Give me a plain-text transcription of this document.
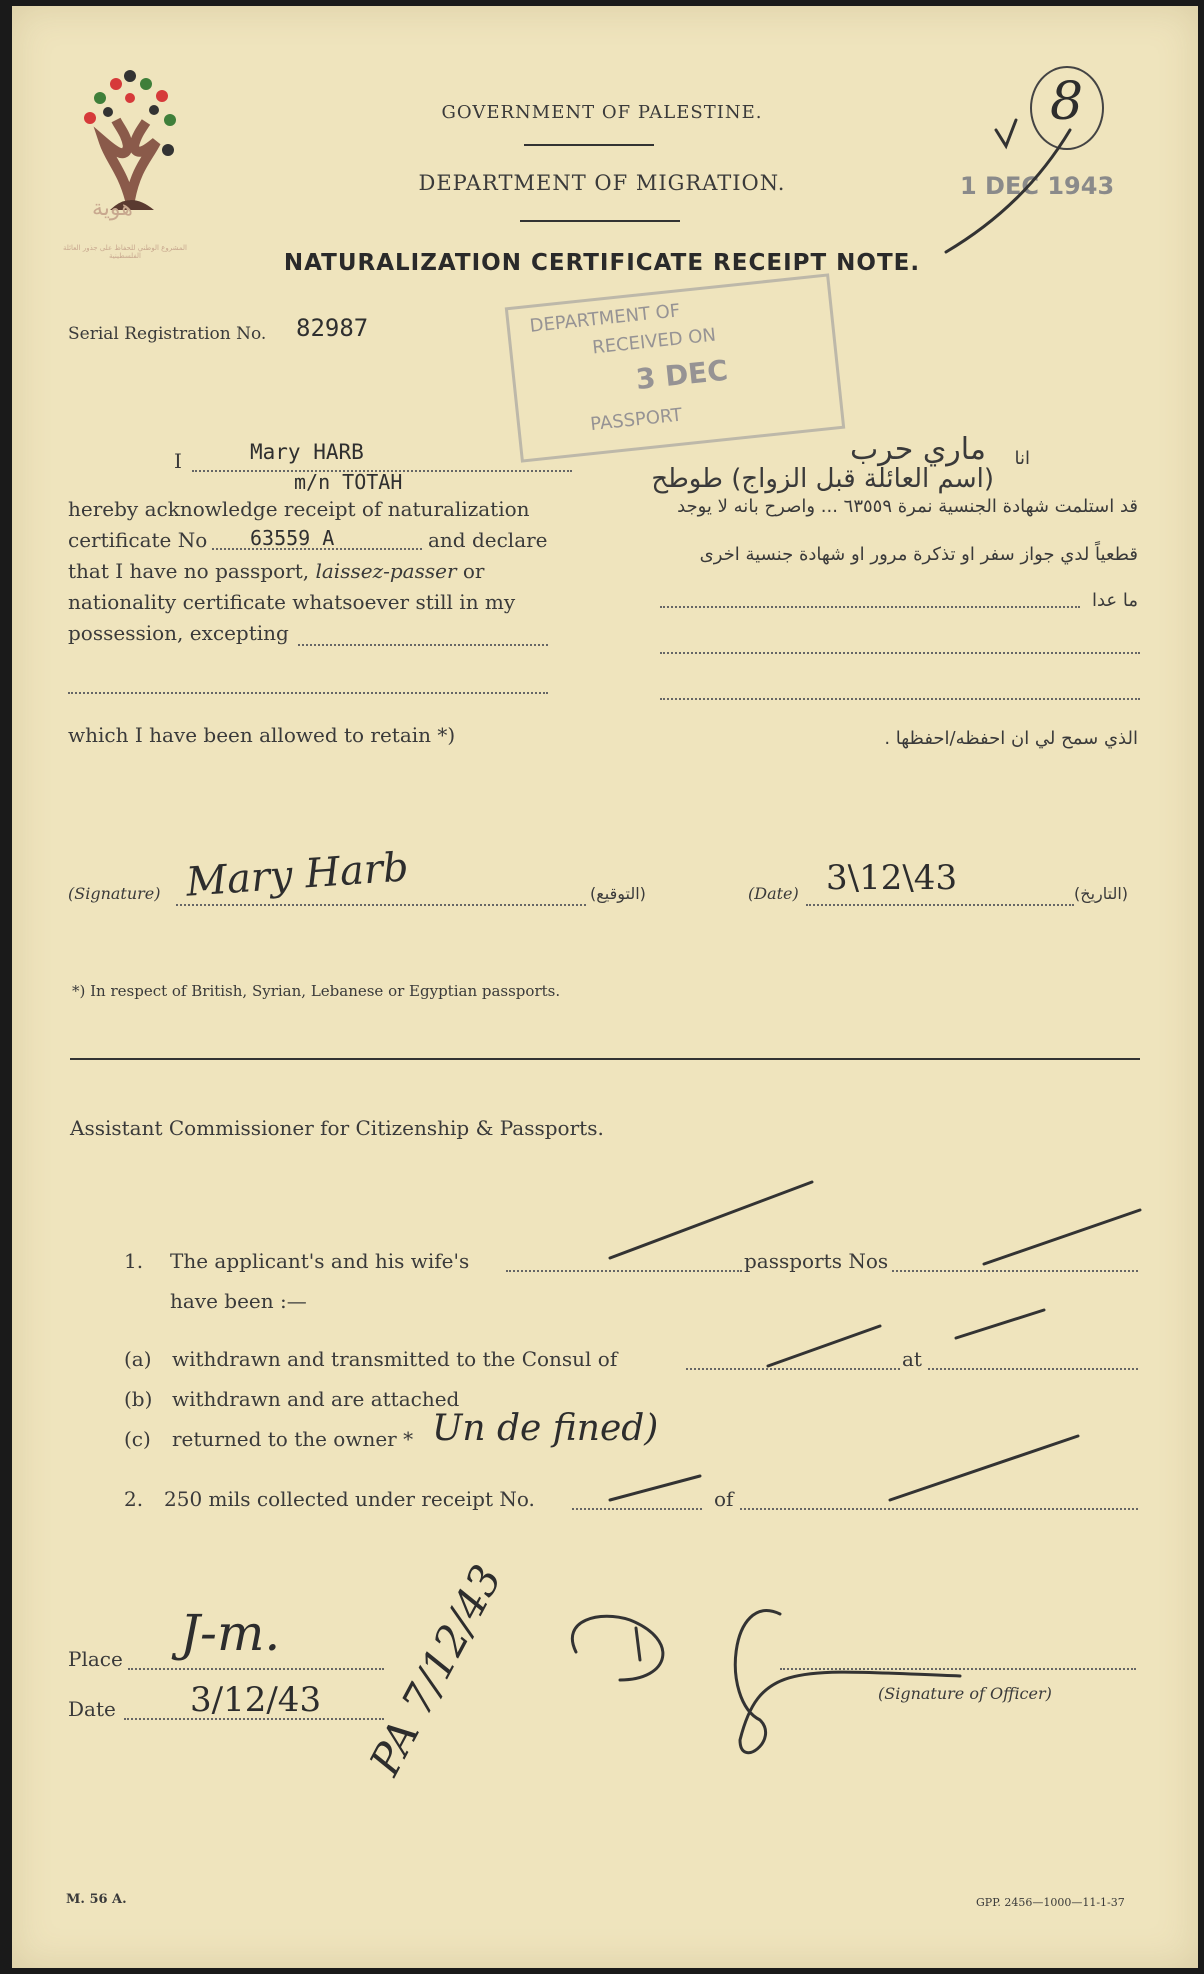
هوية
المشروع الوطني للحفاظ على جذور العائلة الفلسطينية
GOVERNMENT OF PALESTINE.
DEPARTMENT OF MIGRATION.
NATURALIZATION CERTIFICATE RECEIPT NOTE.
8
1 DEC 1943
Serial Registration No. 82987	DEPARTMENT OF
RECEIVED ON
3 DEC
PASSPORT
I	Mary HARB
m/n TOTAH
hereby acknowledge receipt of naturalization
certificate No 63559 A	and declare
that I have no passport, laissez-passer or
nationality certificate whatsoever still in my
possession, excepting
which I have been allowed to retain *)
انا
ماري حرب
(اسم العائلة قبل الزواج) طوطح
قد استلمت شهادة الجنسية نمرة ٦٣٥٥٩ ... واصرح بانه لا يوجد
قطعياً لدي جواز سفر او تذكرة مرور او شهادة جنسية اخرى
ما عدا
الذي سمح لي ان احفظه/احفظها .
(Signature) Mary Harb	(التوقيع)	(Date) 3\12\43	(التاريخ)
*) In respect of British, Syrian, Lebanese or Egyptian passports.
Assistant Commissioner for Citizenship & Passports.
1. The applicant's and his wife's	passports Nos
have been :—
(a) withdrawn and transmitted to the Consul of	at
(b) withdrawn and are attached
(c) returned to the owner * Un de fined)
2. 250 mils collected under receipt No.	of
Place J-m.
Date 3/12/43	(Signature of Officer)
PA 7/12/43
M. 56 A.	GPP. 2456—1000—11-1-37
